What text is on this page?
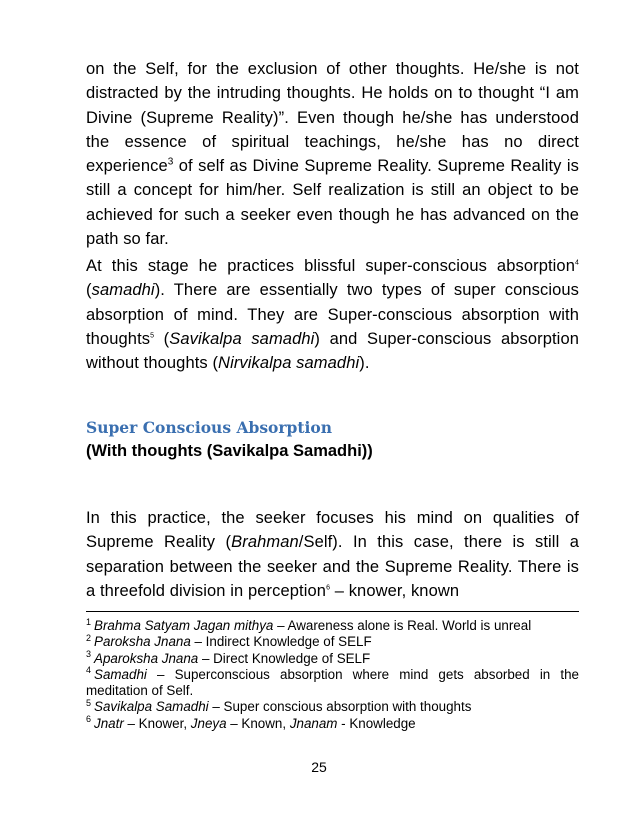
on the Self, for the exclusion of other thoughts. He/she is not distracted by the intruding thoughts. He holds on to thought “I am Divine (Supreme Reality)”. Even though he/she has understood the essence of spiritual teachings, he/she has no direct experience$^3$ of self as Divine Supreme Reality. Supreme Reality is still a concept for him/her. Self realization is still an object to be achieved for such a seeker even though he has advanced on the path so far.

At this stage he practices blissful super-conscious absorption$^4$ (samadhi). There are essentially two types of super conscious absorption of mind. They are Super-conscious absorption with thoughts$^5$ (Savikalpa samadhi) and Super-conscious absorption without thoughts (Nirvikalpa samadhi).

Super Conscious Absorption
(With thoughts (Savikalpa Samadhi))

In this practice, the seeker focuses his mind on qualities of Supreme Reality (Brahman/Self). In this case, there is still a separation between the seeker and the Supreme Reality. There is a threefold division in perception$^6$ – knower, known

$^1$ Brahma Satyam Jagan mithya – Awareness alone is Real. World is unreal
$^2$ Paroksha Jnana – Indirect Knowledge of SELF
$^3$ Aparoksha Jnana – Direct Knowledge of SELF
$^4$ Samadhi – Superconscious absorption where mind gets absorbed in the meditation of Self.
$^5$ Savikalpa Samadhi – Super conscious absorption with thoughts
$^6$ Jnatr – Knower, Jneya – Known, Jnanam - Knowledge
25
